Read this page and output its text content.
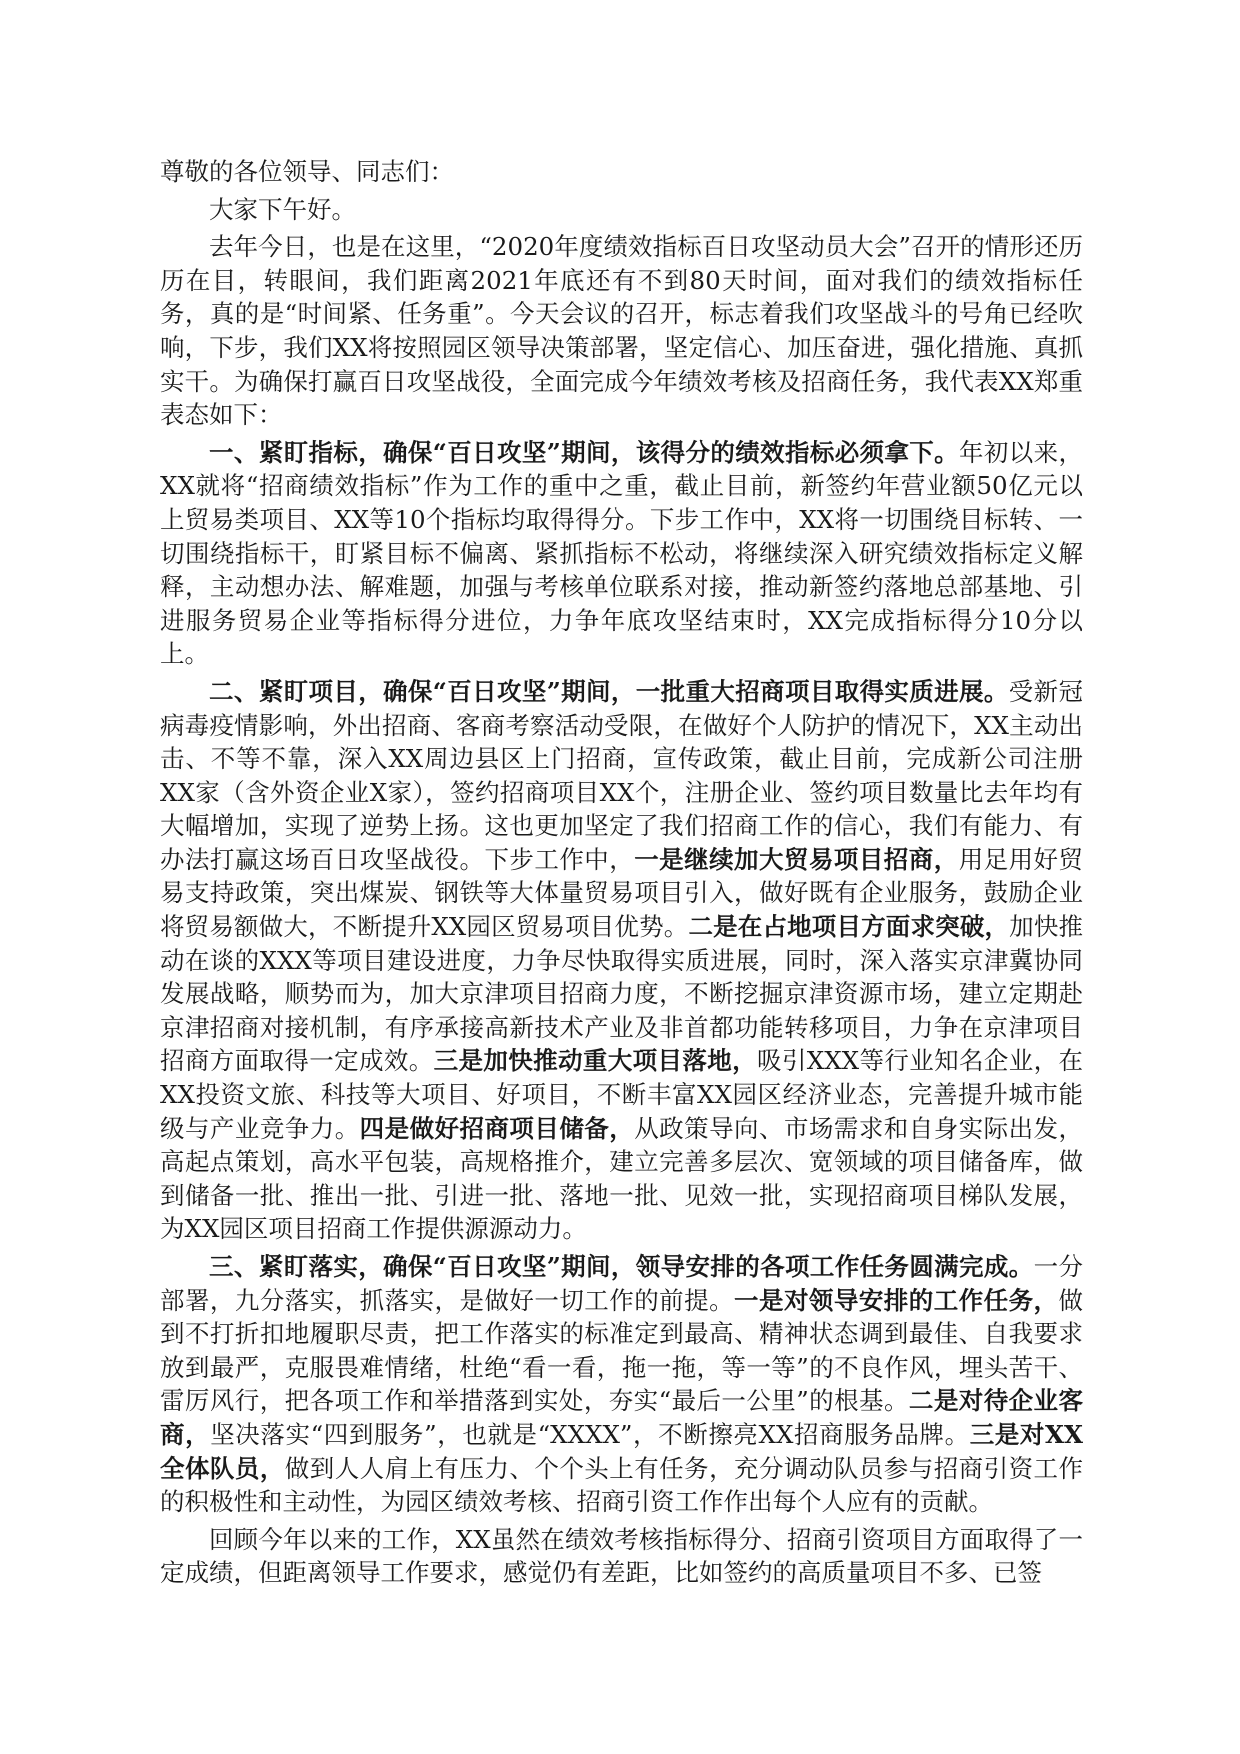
尊敬的各位领导、同志们：

大家下午好。

去年今日，也是在这里，“2020年度绩效指标百日攻坚动员大会”召开的情形还历历在目，转眼间，我们距离2021年底还有不到80天时间，面对我们的绩效指标任务，真的是“时间紧、任务重”。今天会议的召开，标志着我们攻坚战斗的号角已经吹响，下步，我们XX将按照园区领导决策部署，坚定信心、加压奋进，强化措施、真抓实干。为确保打赢百日攻坚战役，全面完成今年绩效考核及招商任务，我代表XX郑重表态如下：

一、紧盯指标，确保“百日攻坚”期间，该得分的绩效指标必须拿下。年初以来，XX就将“招商绩效指标”作为工作的重中之重，截止目前，新签约年营业额50亿元以上贸易类项目、XX等10个指标均取得得分。下步工作中，XX将一切围绕目标转、一切围绕指标干，盯紧目标不偏离、紧抓指标不松动，将继续深入研究绩效指标定义解释，主动想办法、解难题，加强与考核单位联系对接，推动新签约落地总部基地、引进服务贸易企业等指标得分进位，力争年底攻坚结束时，XX完成指标得分10分以上。

二、紧盯项目，确保“百日攻坚”期间，一批重大招商项目取得实质进展。受新冠病毒疫情影响，外出招商、客商考察活动受限，在做好个人防护的情况下，XX主动出击、不等不靠，深入XX周边县区上门招商，宣传政策，截止目前，完成新公司注册XX家（含外资企业X家），签约招商项目XX个，注册企业、签约项目数量比去年均有大幅增加，实现了逆势上扬。这也更加坚定了我们招商工作的信心，我们有能力、有办法打赢这场百日攻坚战役。下步工作中，一是继续加大贸易项目招商，用足用好贸易支持政策，突出煤炭、钢铁等大体量贸易项目引入，做好既有企业服务，鼓励企业将贸易额做大，不断提升XX园区贸易项目优势。二是在占地项目方面求突破，加快推动在谈的XXX等项目建设进度，力争尽快取得实质进展，同时，深入落实京津冀协同发展战略，顺势而为，加大京津项目招商力度，不断挖掘京津资源市场，建立定期赴京津招商对接机制，有序承接高新技术产业及非首都功能转移项目，力争在京津项目招商方面取得一定成效。三是加快推动重大项目落地，吸引XXX等行业知名企业，在XX投资文旅、科技等大项目、好项目，不断丰富XX园区经济业态，完善提升城市能级与产业竞争力。四是做好招商项目储备，从政策导向、市场需求和自身实际出发，高起点策划，高水平包装，高规格推介，建立完善多层次、宽领域的项目储备库，做到储备一批、推出一批、引进一批、落地一批、见效一批，实现招商项目梯队发展，为XX园区项目招商工作提供源源动力。

三、紧盯落实，确保“百日攻坚”期间，领导安排的各项工作任务圆满完成。一分部署，九分落实，抓落实，是做好一切工作的前提。一是对领导安排的工作任务，做到不打折扣地履职尽责，把工作落实的标准定到最高、精神状态调到最佳、自我要求放到最严，克服畏难情绪，杜绝“看一看，拖一拖，等一等”的不良作风，埋头苦干、雷厉风行，把各项工作和举措落到实处，夯实“最后一公里”的根基。二是对待企业客商，坚决落实“四到服务”，也就是“XXXX”，不断擦亮XX招商服务品牌。三是对XX全体队员，做到人人肩上有压力、个个头上有任务，充分调动队员参与招商引资工作的积极性和主动性，为园区绩效考核、招商引资工作作出每个人应有的贡献。

回顾今年以来的工作，XX虽然在绩效考核指标得分、招商引资项目方面取得了一定成绩，但距离领导工作要求，感觉仍有差距，比如签约的高质量项目不多、已签
